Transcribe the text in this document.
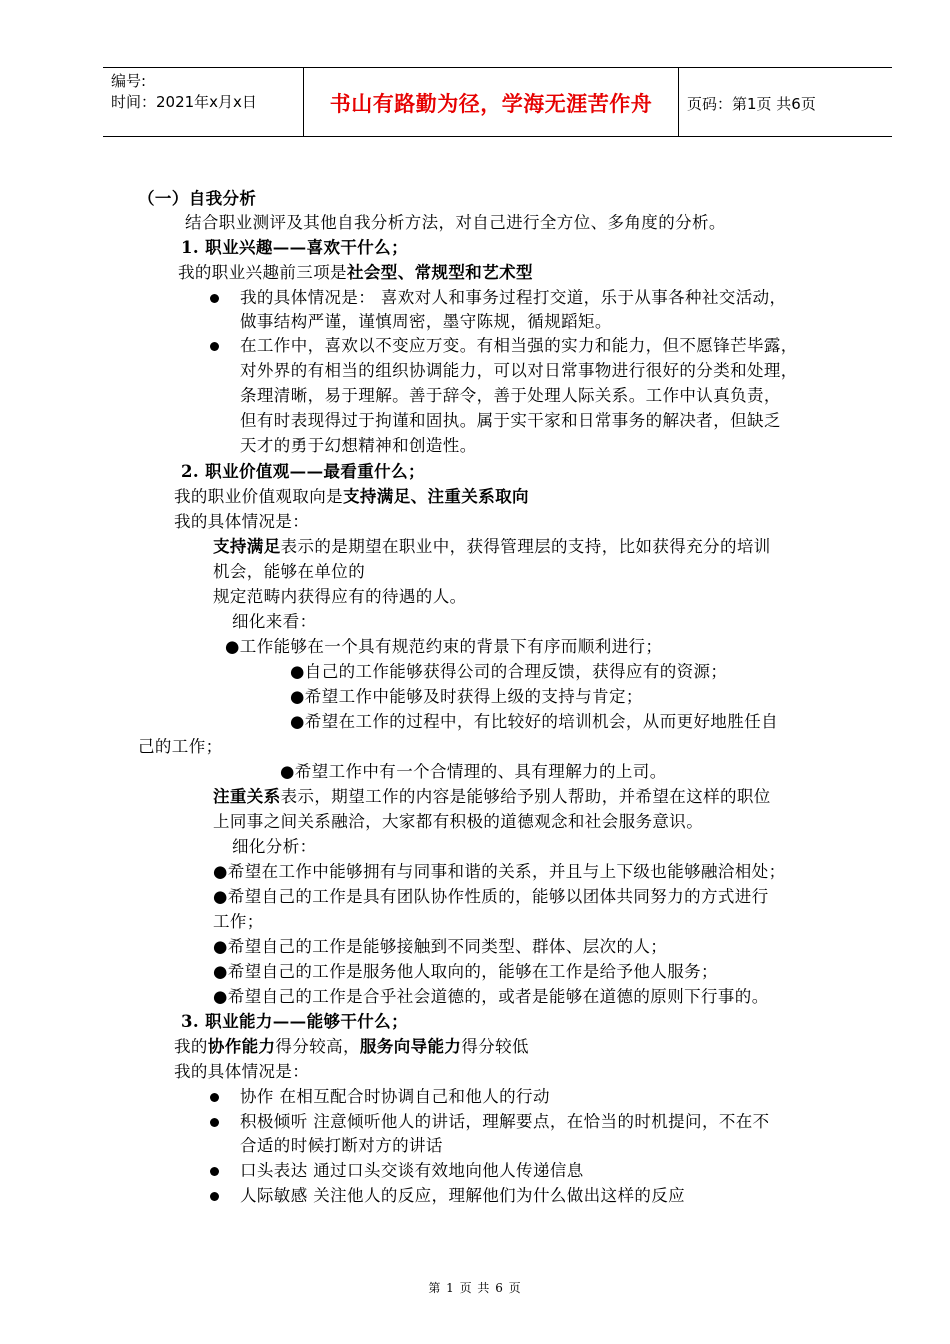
编号:
时间：2021年x月x日	书山有路勤为径，学海无涯苦作舟	页码：第1页 共6页
（一）自我分析
结合职业测评及其他自我分析方法，对自己进行全方位、多角度的分析。
1. 职业兴趣——喜欢干什么；
我的职业兴趣前三项是社会型、常规型和艺术型
我的具体情况是： 喜欢对人和事务过程打交道，乐于从事各种社交活动，
做事结构严谨，谨慎周密，墨守陈规，循规蹈矩。
在工作中，喜欢以不变应万变。有相当强的实力和能力，但不愿锋芒毕露，
对外界的有相当的组织协调能力，可以对日常事物进行很好的分类和处理，
条理清晰，易于理解。善于辞令，善于处理人际关系。工作中认真负责，
但有时表现得过于拘谨和固执。属于实干家和日常事务的解决者，但缺乏
天才的勇于幻想精神和创造性。
2. 职业价值观——最看重什么；
我的职业价值观取向是支持满足、注重关系取向
我的具体情况是：
支持满足表示的是期望在职业中，获得管理层的支持，比如获得充分的培训
机会，能够在单位的
规定范畴内获得应有的待遇的人。
细化来看：
●工作能够在一个具有规范约束的背景下有序而顺利进行；
●自己的工作能够获得公司的合理反馈，获得应有的资源；
●希望工作中能够及时获得上级的支持与肯定；
●希望在工作的过程中，有比较好的培训机会，从而更好地胜任自
己的工作；
●希望工作中有一个合情理的、具有理解力的上司。
注重关系表示，期望工作的内容是能够给予别人帮助，并希望在这样的职位
上同事之间关系融洽，大家都有积极的道德观念和社会服务意识。
细化分析：
●希望在工作中能够拥有与同事和谐的关系，并且与上下级也能够融洽相处；
●希望自己的工作是具有团队协作性质的，能够以团体共同努力的方式进行
工作；
●希望自己的工作是能够接触到不同类型、群体、层次的人；
●希望自己的工作是服务他人取向的，能够在工作是给予他人服务；
●希望自己的工作是合乎社会道德的，或者是能够在道德的原则下行事的。
3. 职业能力——能够干什么；
我的协作能力得分较高，服务向导能力得分较低
我的具体情况是：
协作 在相互配合时协调自己和他人的行动
积极倾听 注意倾听他人的讲话，理解要点，在恰当的时机提问，不在不
合适的时候打断对方的讲话
口头表达 通过口头交谈有效地向他人传递信息
人际敏感 关注他人的反应，理解他们为什么做出这样的反应
第 1 页 共 6 页
